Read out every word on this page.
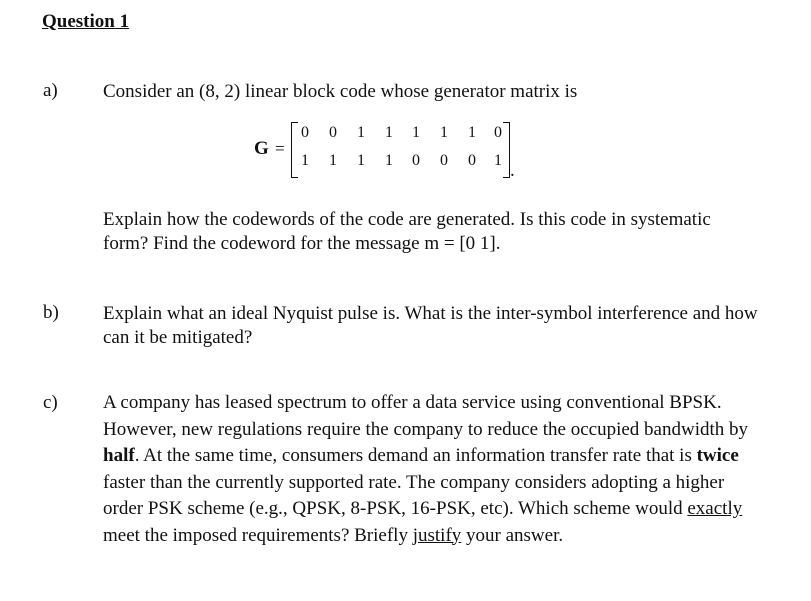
Question 1
a) Consider an (8, 2) linear block code whose generator matrix is
G =
0 0 1 1 1 1 1 0
1 1 1 1 0 0 0 1 .
Explain how the codewords of the code are generated. Is this code in systematic
form? Find the codeword for the message m = [0 1].
b) Explain what an ideal Nyquist pulse is. What is the inter-symbol interference and how
can it be mitigated?
c) A company has leased spectrum to offer a data service using conventional BPSK.
However, new regulations require the company to reduce the occupied bandwidth by
half. At the same time, consumers demand an information transfer rate that is twice
faster than the currently supported rate. The company considers adopting a higher
order PSK scheme (e.g., QPSK, 8-PSK, 16-PSK, etc). Which scheme would exactly
meet the imposed requirements? Briefly justify your answer.
